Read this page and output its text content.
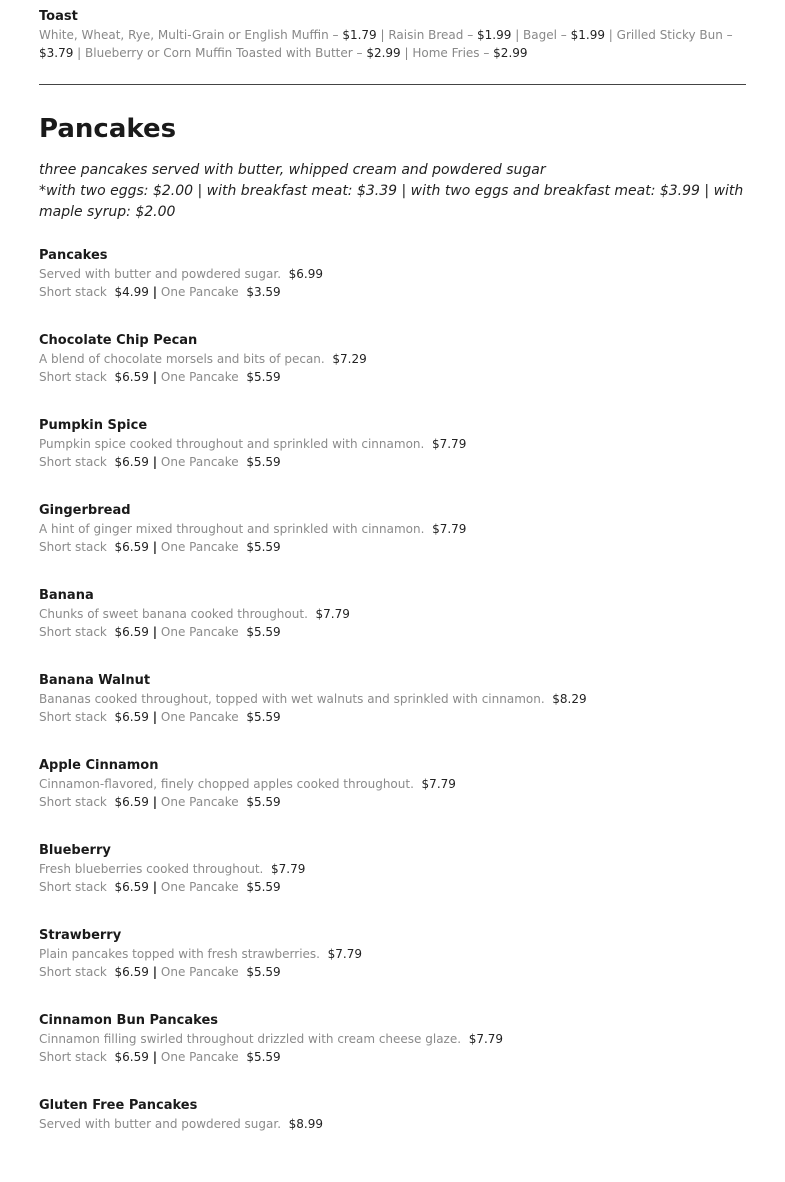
Toast
White, Wheat, Rye, Multi-Grain or English Muffin – $1.79 | Raisin Bread – $1.99 | Bagel – $1.99 | Grilled Sticky Bun –
$3.79 | Blueberry or Corn Muffin Toasted with Butter – $2.99 | Home Fries – $2.99
Pancakes
three pancakes served with butter, whipped cream and powdered sugar
*with two eggs: $2.00 | with breakfast meat: $3.39 | with two eggs and breakfast meat: $3.99 | with maple syrup: $2.00
Pancakes
Served with butter and powdered sugar. $6.99
Short stack $4.99 | One Pancake $3.59
Chocolate Chip Pecan
A blend of chocolate morsels and bits of pecan. $7.29
Short stack $6.59 | One Pancake $5.59
Pumpkin Spice
Pumpkin spice cooked throughout and sprinkled with cinnamon. $7.79
Short stack $6.59 | One Pancake $5.59
Gingerbread
A hint of ginger mixed throughout and sprinkled with cinnamon. $7.79
Short stack $6.59 | One Pancake $5.59
Banana
Chunks of sweet banana cooked throughout. $7.79
Short stack $6.59 | One Pancake $5.59
Banana Walnut
Bananas cooked throughout, topped with wet walnuts and sprinkled with cinnamon. $8.29
Short stack $6.59 | One Pancake $5.59
Apple Cinnamon
Cinnamon-flavored, finely chopped apples cooked throughout. $7.79
Short stack $6.59 | One Pancake $5.59
Blueberry
Fresh blueberries cooked throughout. $7.79
Short stack $6.59 | One Pancake $5.59
Strawberry
Plain pancakes topped with fresh strawberries. $7.79
Short stack $6.59 | One Pancake $5.59
Cinnamon Bun Pancakes
Cinnamon filling swirled throughout drizzled with cream cheese glaze. $7.79
Short stack $6.59 | One Pancake $5.59
Gluten Free Pancakes
Served with butter and powdered sugar. $8.99
